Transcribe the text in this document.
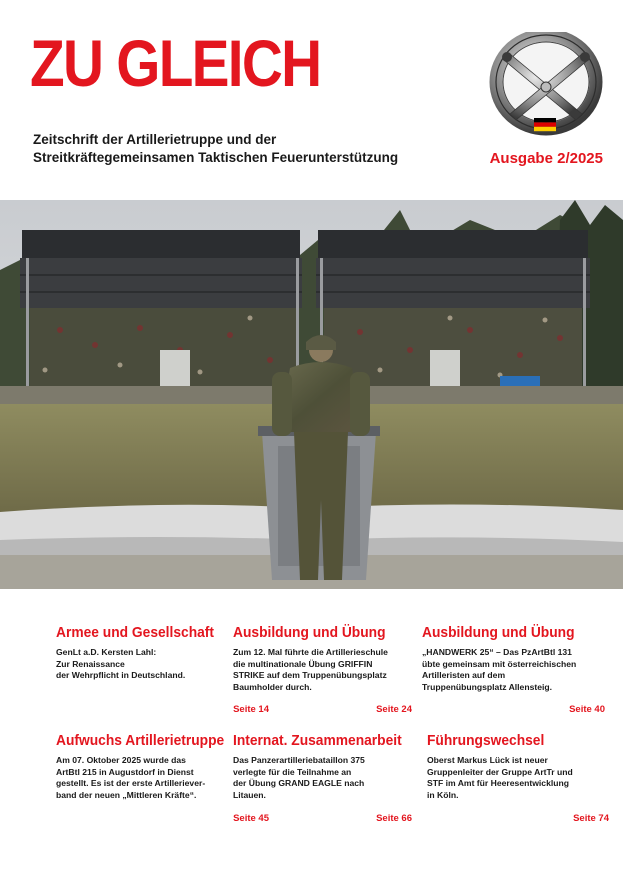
ZU GLEICH
Zeitschrift der Artillerietruppe und der
Streitkräftegemeinsamen Taktischen Feuerunterstützung	Ausgabe 2/2025
Armee und Gesellschaft

GenLt a.D. Kersten Lahl:
Zur Renaissance
der Wehrpflicht in Deutschland.

Seite 14
Ausbildung und Übung

Zum 12. Mal führte die Artillerieschule
die multinationale Übung GRIFFIN
STRIKE auf dem Truppenübungsplatz
Baumholder durch.

Seite 24
Ausbildung und Übung

„HANDWERK 25“ – Das PzArtBtl 131
übte gemeinsam mit österreichischen
Artilleristen auf dem
Truppenübungsplatz Allensteig.

Seite 40
Aufwuchs Artillerietruppe

Am 07. Oktober 2025 wurde das
ArtBtl 215 in Augustdorf in Dienst
gestellt. Es ist der erste Artilleriever-
band der neuen „Mittleren Kräfte“.

Seite 45
Internat. Zusammenarbeit

Das Panzerartilleriebataillon 375
verlegte für die Teilnahme an
der Übung GRAND EAGLE nach
Litauen.

Seite 66
Führungswechsel

Oberst Markus Lück ist neuer
Gruppenleiter der Gruppe ArtTr und
STF im Amt für Heeresentwicklung
in Köln.

Seite 74
